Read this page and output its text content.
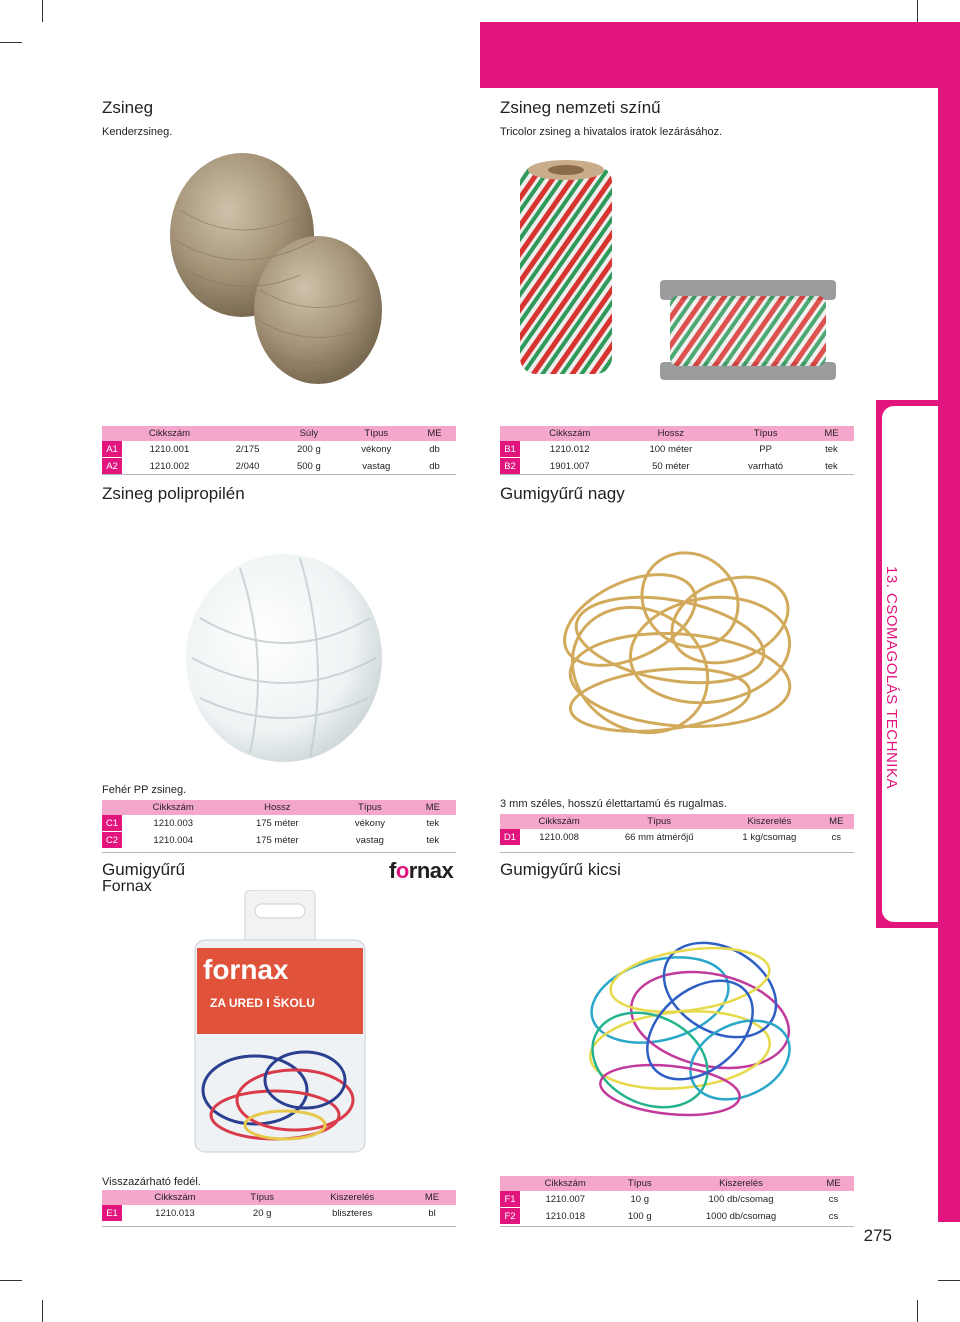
Zsinegek és gumigyűrűk
13. CSOMAGOLÁS TECHNIKA
Zsineg
Kenderzsineg.
	Cikkszám		Súly	Típus	ME
A1	1210.001	2/175	200 g	vékony	db
A2	1210.002	2/040	500 g	vastag	db
Zsineg nemzeti színű
Tricolor zsineg a hivatalos iratok lezárásához.
	Cikkszám	Hossz	Típus	ME
B1	1210.012	100 méter	PP	tek
B2	1901.007	50 méter	varrható	tek
Zsineg polipropilén
Fehér PP zsineg.
	Cikkszám	Hossz	Típus	ME
C1	1210.003	175 méter	vékony	tek
C2	1210.004	175 méter	vastag	tek
Gumigyűrű nagy
3 mm széles, hosszú élettartamú és rugalmas.
	Cikkszám	Típus	Kiszerelés	ME
D1	1210.008	66 mm átmérőjű	1 kg/csomag	cs
Gumigyűrű
Fornax
fornax
fornax
ZA URED I ŠKOLU
Visszazárható fedél.
	Cikkszám	Típus	Kiszerelés	ME
E1	1210.013	20 g	bliszteres	bl
Gumigyűrű kicsi
	Cikkszám	Típus	Kiszerelés	ME
F1	1210.007	10 g	100 db/csomag	cs
F2	1210.018	100 g	1000 db/csomag	cs
275
